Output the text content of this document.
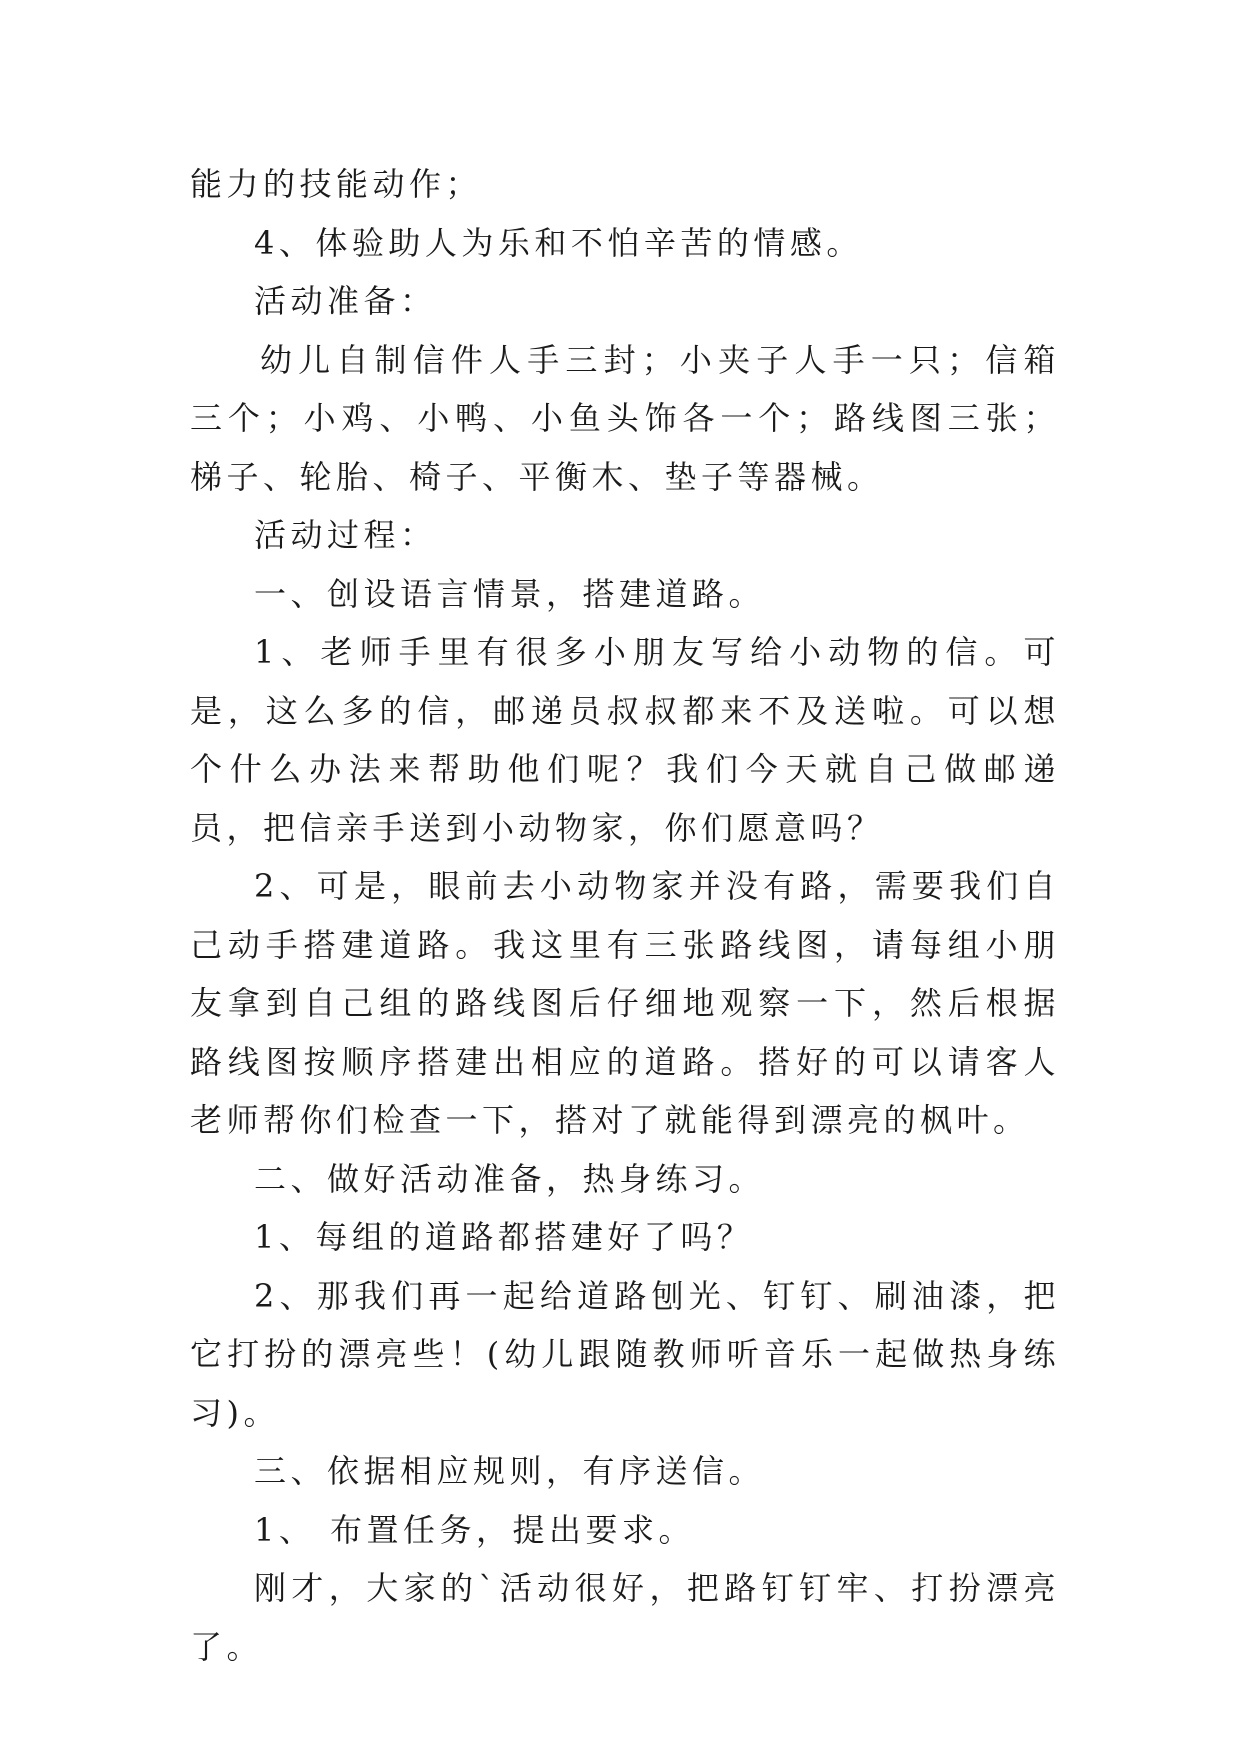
能力的技能动作；

4、体验助人为乐和不怕辛苦的情感。

活动准备：

幼儿自制信件人手三封；小夹子人手一只；信箱三个；小鸡、小鸭、小鱼头饰各一个；路线图三张；梯子、轮胎、椅子、平衡木、垫子等器械。

活动过程：

一、创设语言情景，搭建道路。

1、老师手里有很多小朋友写给小动物的信。可是，这么多的信，邮递员叔叔都来不及送啦。可以想个什么办法来帮助他们呢？我们今天就自己做邮递员，把信亲手送到小动物家，你们愿意吗？

2、可是，眼前去小动物家并没有路，需要我们自己动手搭建道路。我这里有三张路线图，请每组小朋友拿到自己组的路线图后仔细地观察一下，然后根据路线图按顺序搭建出相应的道路。搭好的可以请客人老师帮你们检查一下，搭对了就能得到漂亮的枫叶。

二、做好活动准备，热身练习。

1、每组的道路都搭建好了吗？

2、那我们再一起给道路刨光、钉钉、刷油漆，把它打扮的漂亮些！(幼儿跟随教师听音乐一起做热身练习)。

三、依据相应规则，有序送信。

1、 布置任务，提出要求。

刚才，大家的`活动很好，把路钉钉牢、打扮漂亮了。
